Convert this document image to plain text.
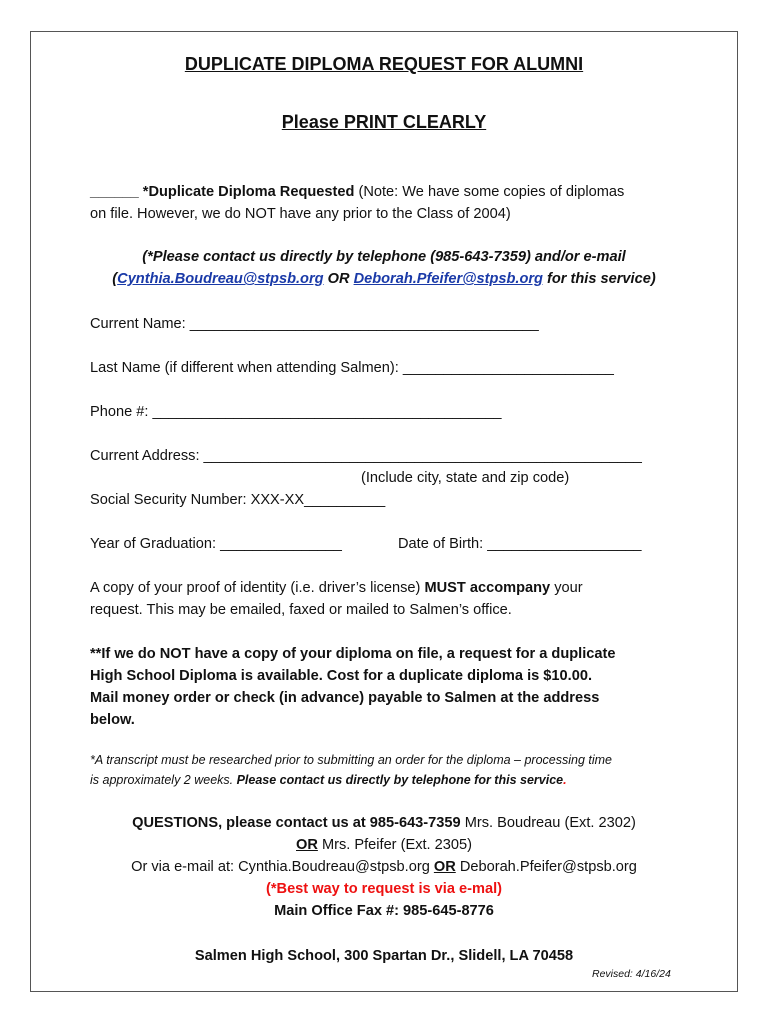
DUPLICATE DIPLOMA REQUEST FOR ALUMNI
Please PRINT CLEARLY
______ *Duplicate Diploma Requested (Note: We have some copies of diplomas
on file. However, we do NOT have any prior to the Class of 2004)
(*Please contact us directly by telephone (985-643-7359) and/or e-mail
(Cynthia.Boudreau@stpsb.org OR Deborah.Pfeifer@stpsb.org for this service)
Current Name: ___________________________________________
Last Name (if different when attending Salmen): __________________________
Phone #: ___________________________________________
Current Address: ______________________________________________________
(Include city, state and zip code)
Social Security Number: XXX-XX__________
Year of Graduation: _______________	Date of Birth: ___________________
A copy of your proof of identity (i.e. driver’s license) MUST accompany your
request. This may be emailed, faxed or mailed to Salmen’s office.
**If we do NOT have a copy of your diploma on file, a request for a duplicate
High School Diploma is available. Cost for a duplicate diploma is $10.00.
Mail money order or check (in advance) payable to Salmen at the address
below.
*A transcript must be researched prior to submitting an order for the diploma – processing time
is approximately 2 weeks. Please contact us directly by telephone for this service.
QUESTIONS, please contact us at 985-643-7359 Mrs. Boudreau (Ext. 2302)
OR Mrs. Pfeifer (Ext. 2305)
Or via e-mail at: Cynthia.Boudreau@stpsb.org OR Deborah.Pfeifer@stpsb.org
(*Best way to request is via e-mal)
Main Office Fax #: 985-645-8776
Salmen High School, 300 Spartan Dr., Slidell, LA 70458
Revised: 4/16/24
